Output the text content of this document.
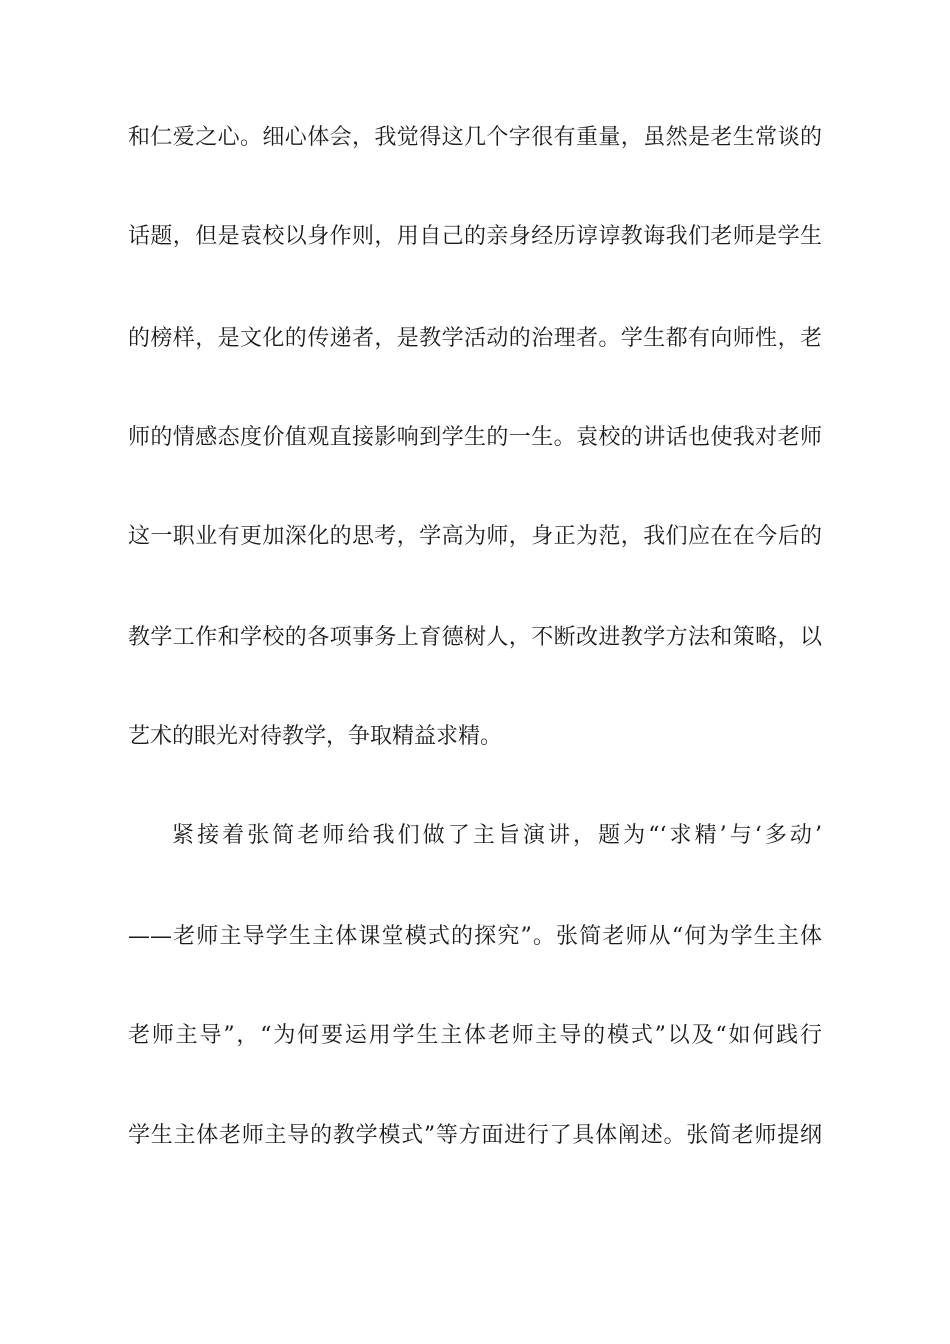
和仁爱之心。细心体会，我觉得这几个字很有重量，虽然是老生常谈的
话题，但是袁校以身作则，用自己的亲身经历谆谆教诲我们老师是学生
的榜样，是文化的传递者，是教学活动的治理者。学生都有向师性，老
师的情感态度价值观直接影响到学生的一生。袁校的讲话也使我对老师
这一职业有更加深化的思考，学高为师，身正为范，我们应在在今后的
教学工作和学校的各项事务上育德树人，不断改进教学方法和策略，以
艺术的眼光对待教学，争取精益求精。
紧接着张简老师给我们做了主旨演讲，题为“‘求精’与‘多动’
——老师主导学生主体课堂模式的探究”。张简老师从“何为学生主体
老师主导”，“为何要运用学生主体老师主导的模式”以及“如何践行
学生主体老师主导的教学模式”等方面进行了具体阐述。张简老师提纲
